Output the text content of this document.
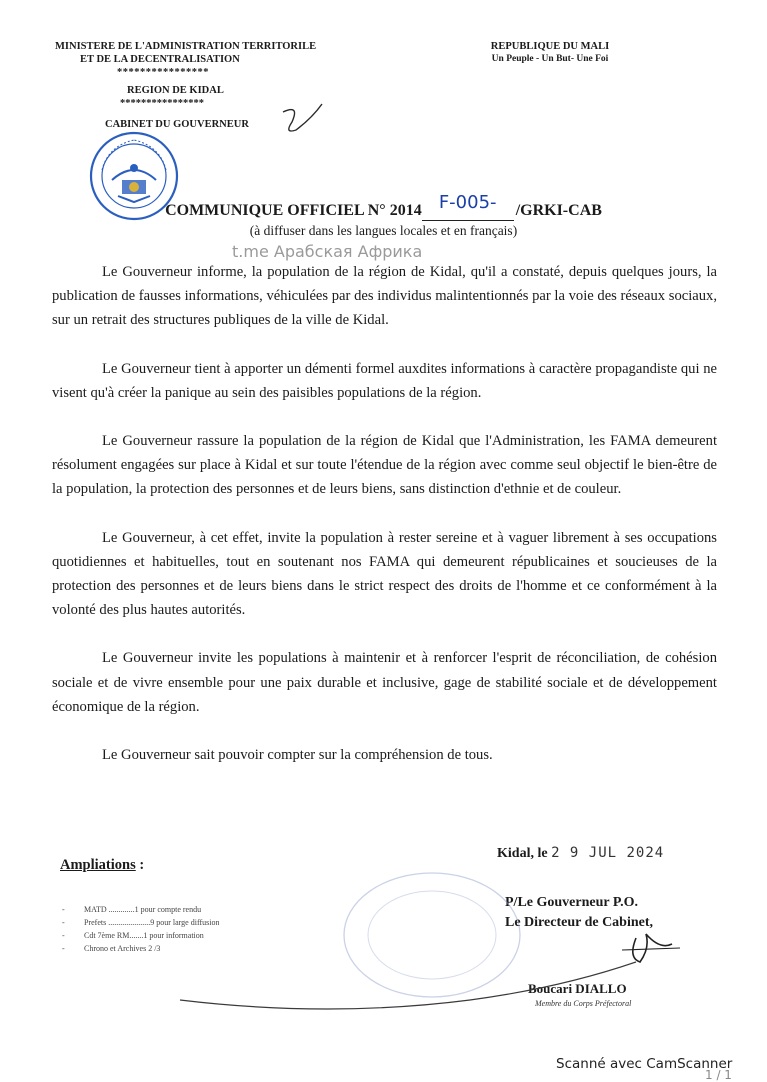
MINISTERE DE L'ADMINISTRATION TERRITORILE
ET DE LA DECENTRALISATION
****************
REGION DE KIDAL
****************
CABINET DU GOUVERNEUR
REPUBLIQUE DU MALI
Un Peuple - Un But- Une Foi
COMMUNIQUE OFFICIEL N° 2014 F-005- /GRKI-CAB
(à diffuser dans les langues locales et en français)
t.me Арабская Африка

Le Gouverneur informe, la population de la région de Kidal, qu'il a constaté, depuis quelques jours, la publication de fausses informations, véhiculées par des individus malintentionnés par la voie des réseaux sociaux, sur un retrait des structures publiques de la ville de Kidal.

Le Gouverneur tient à apporter un démenti formel auxdites informations à caractère propagandiste qui ne visent qu'à créer la panique au sein des paisibles populations de la région.

Le Gouverneur rassure la population de la région de Kidal que l'Administration, les FAMA demeurent résolument engagées sur place à Kidal et sur toute l'étendue de la région avec comme seul objectif le bien-être de la population, la protection des personnes et de leurs biens, sans distinction d'ethnie et de couleur.

Le Gouverneur, à cet effet, invite la population à rester sereine et à vaguer librement à ses occupations quotidiennes et habituelles, tout en soutenant nos FAMA qui demeurent républicaines et soucieuses de la protection des personnes et de leurs biens dans le strict respect des droits de l'homme et ce conformément à la volonté des plus hautes autorités.

Le Gouverneur invite les populations à maintenir et à renforcer l'esprit de réconciliation, de cohésion sociale et de vivre ensemble pour une paix durable et inclusive, gage de stabilité sociale et de développement économique de la région.

Le Gouverneur sait pouvoir compter sur la compréhension de tous.

Ampliations :
- MATD .............1 pour compte rendu
- Prefets .....................9 pour large diffusion
- Cdt 7ème RM.......1 pour information
- Chrono et Archives 2 /3
Kidal, le 2 9 JUL 2024
P/Le Gouverneur P.O.
Le Directeur de Cabinet,
Boucari DIALLO
Membre du Corps Préfectoral
Scanné avec CamScanner
1 / 1
